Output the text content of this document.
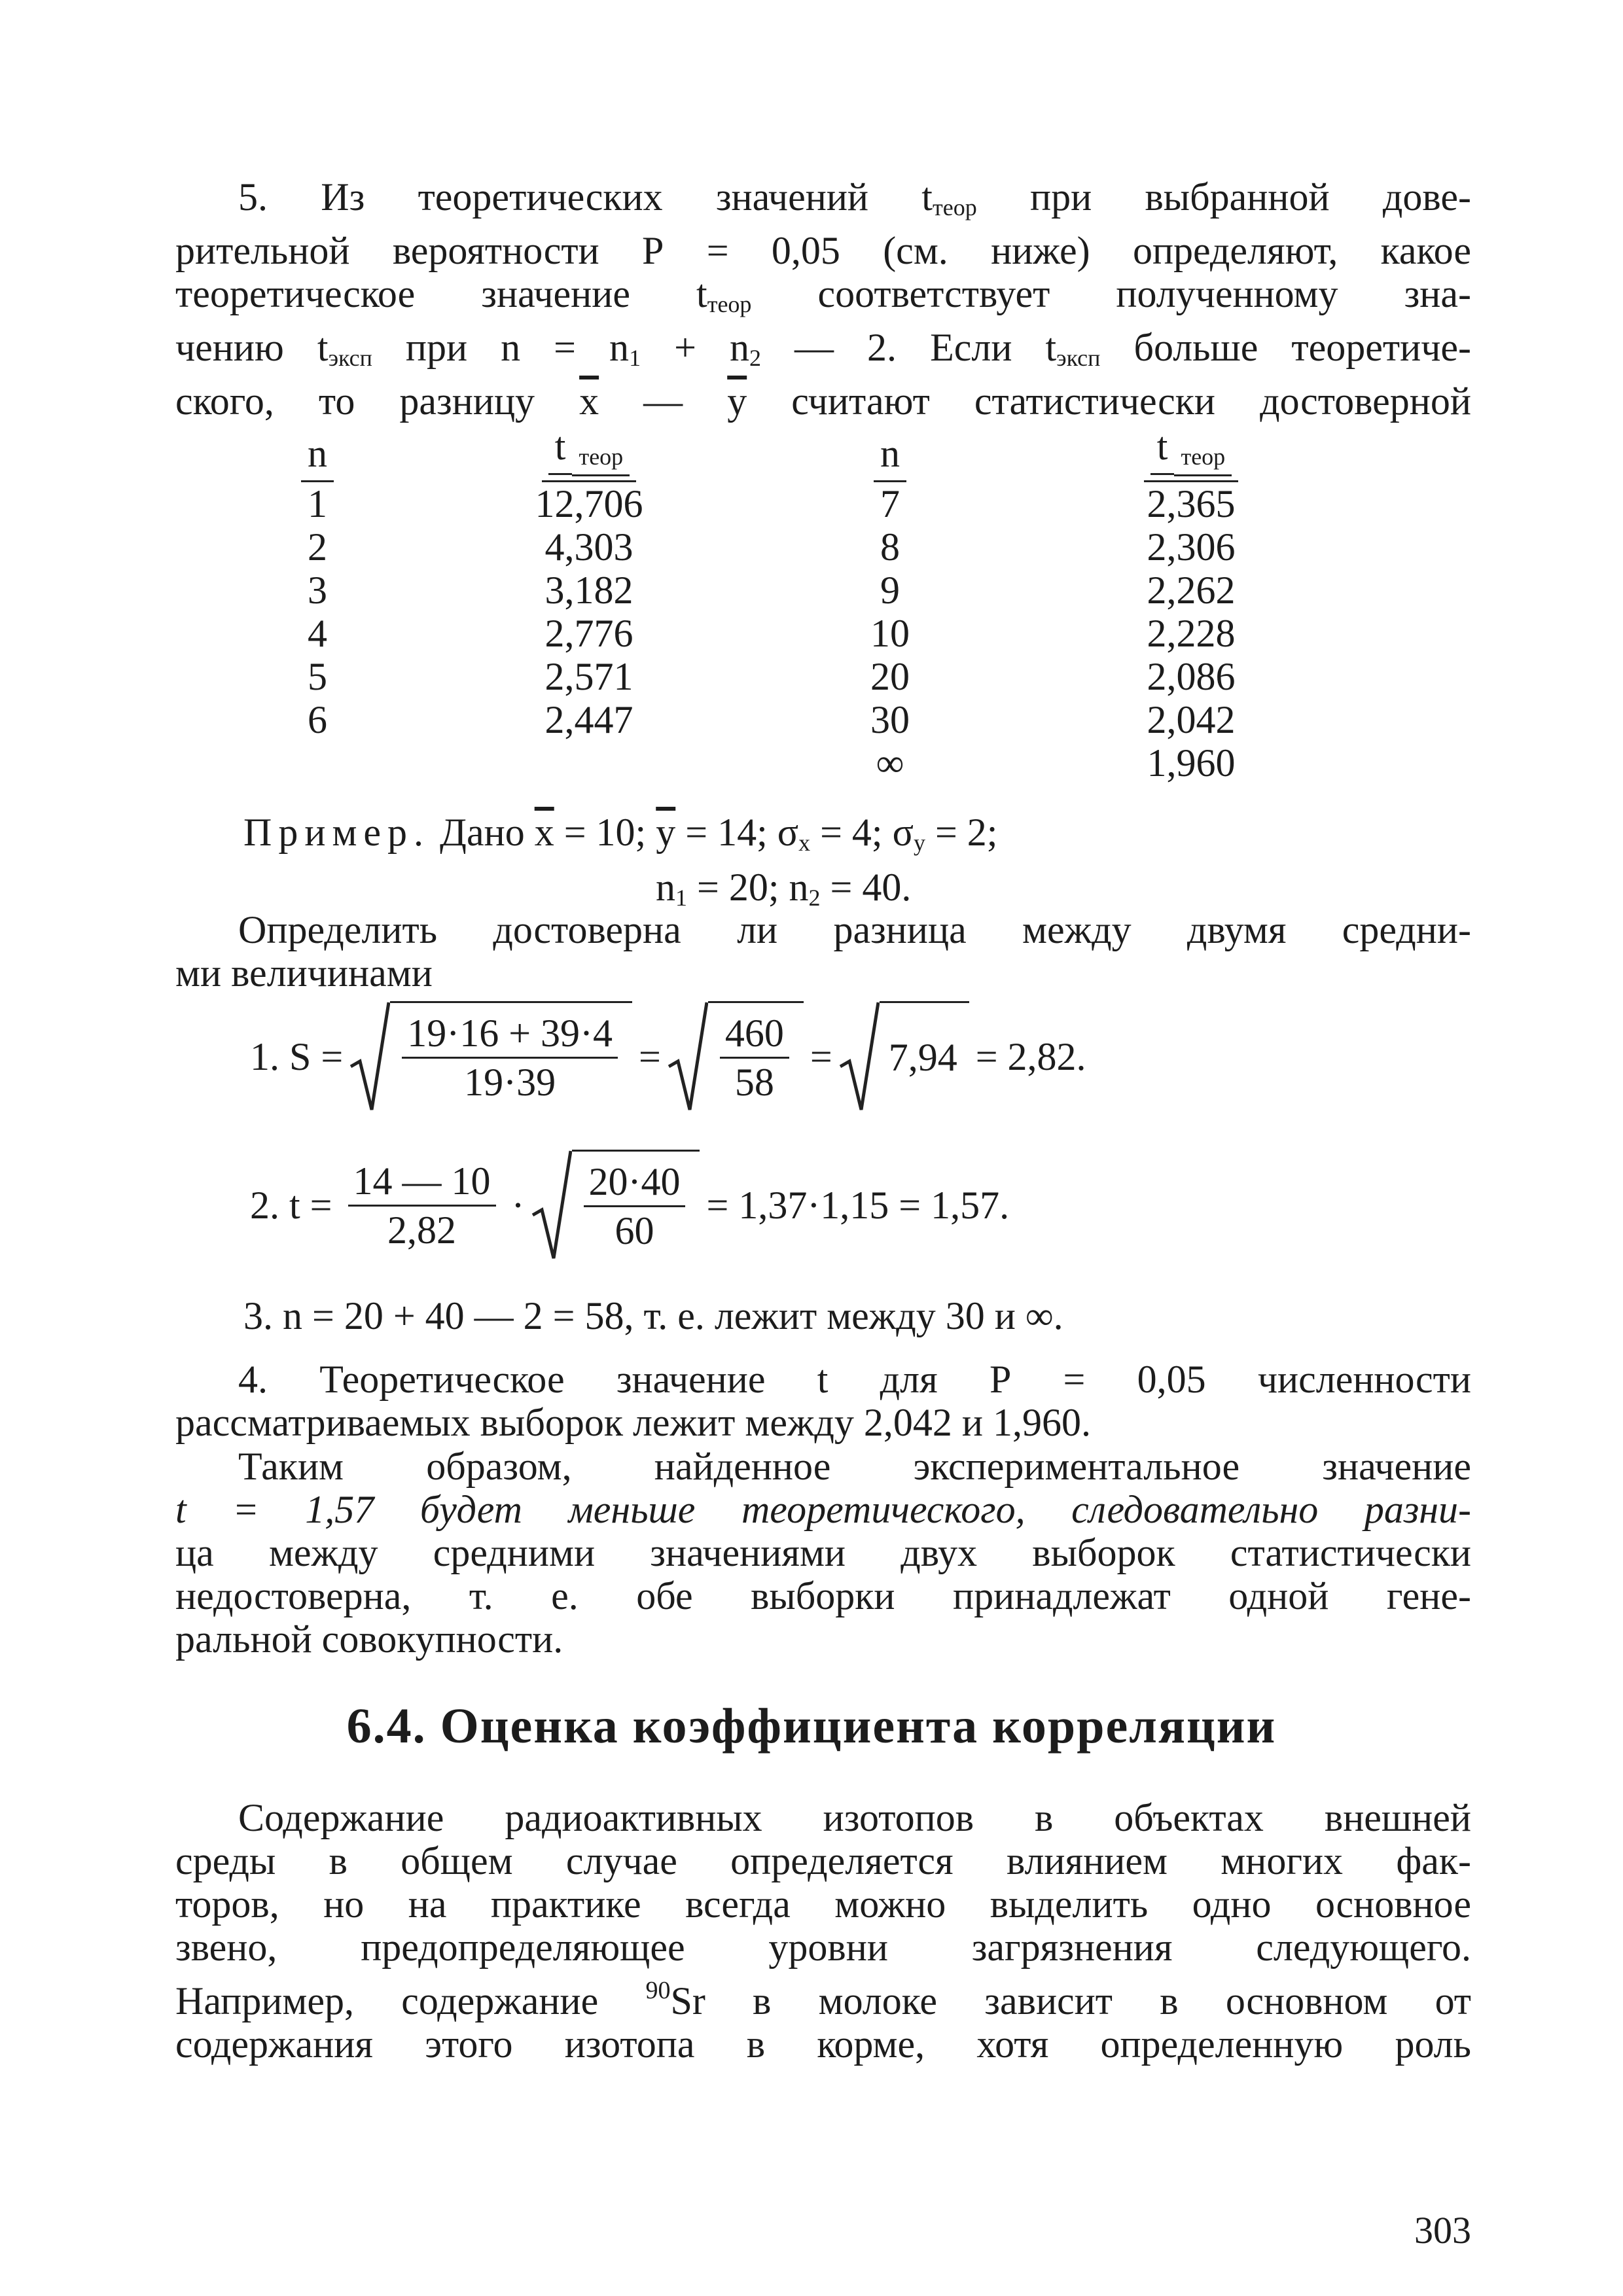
5. Из теоретических значений $t_{теор}$ при выбранной дове-
рительной вероятности Р = 0,05 (см. ниже) определяют, какое
теоретическое значение $t_{теор}$ соответствует полученному зна-
чению $t_{эксп}$ при $n = n_1 + n_2$ — 2. Если $t_{эксп}$ больше теоретиче-
ского, то разницу $\overline{x}$ — $\overline{y}$ считают статистически достоверной
n	t теор	n	t теор
1	12,706	7	2,365
2	4,303	8	2,306
3	3,182	9	2,262
4	2,776	10	2,228
5	2,571	20	2,086
6	2,447	30	2,042
		∞	1,960
Пример. Дано $\overline{x} = 10$; $\overline{y} = 14$; $\sigma_x = 4$; $\sigma_y = 2$;
$n_1 = 20$; $n_2 = 40$.
Определить достоверна ли разница между двумя средни-
ми величинами
1. $S = \frac{19\cdot 16 + 39\cdot 4}{19\cdot 39} = \frac{460}{58} = 7,94 = 2,82$.
2. $t = \frac{14 — 10}{2,82} \cdot \frac{20\cdot 40}{60} = 1,37\cdot 1,15 = 1,57$.
3. n = 20 + 40 — 2 = 58, т. е. лежит между 30 и ∞.
4. Теоретическое значение t для Р = 0,05 численности
рассматриваемых выборок лежит между 2,042 и 1,960.
Таким образом, найденное экспериментальное значение
t = 1,57 будет меньше теоретического, следовательно разни-
ца между средними значениями двух выборок статистически
недостоверна, т. е. обе выборки принадлежат одной гене-
ральной совокупности.
6.4. Оценка коэффициента корреляции
Содержание радиоактивных изотопов в объектах внешней
среды в общем случае определяется влиянием многих фак-
торов, но на практике всегда можно выделить одно основное
звено, предопределяющее уровни загрязнения следующего.
Например, содержание $^{90}$Sr в молоке зависит в основном от
содержания этого изотопа в корме, хотя определенную роль
303
